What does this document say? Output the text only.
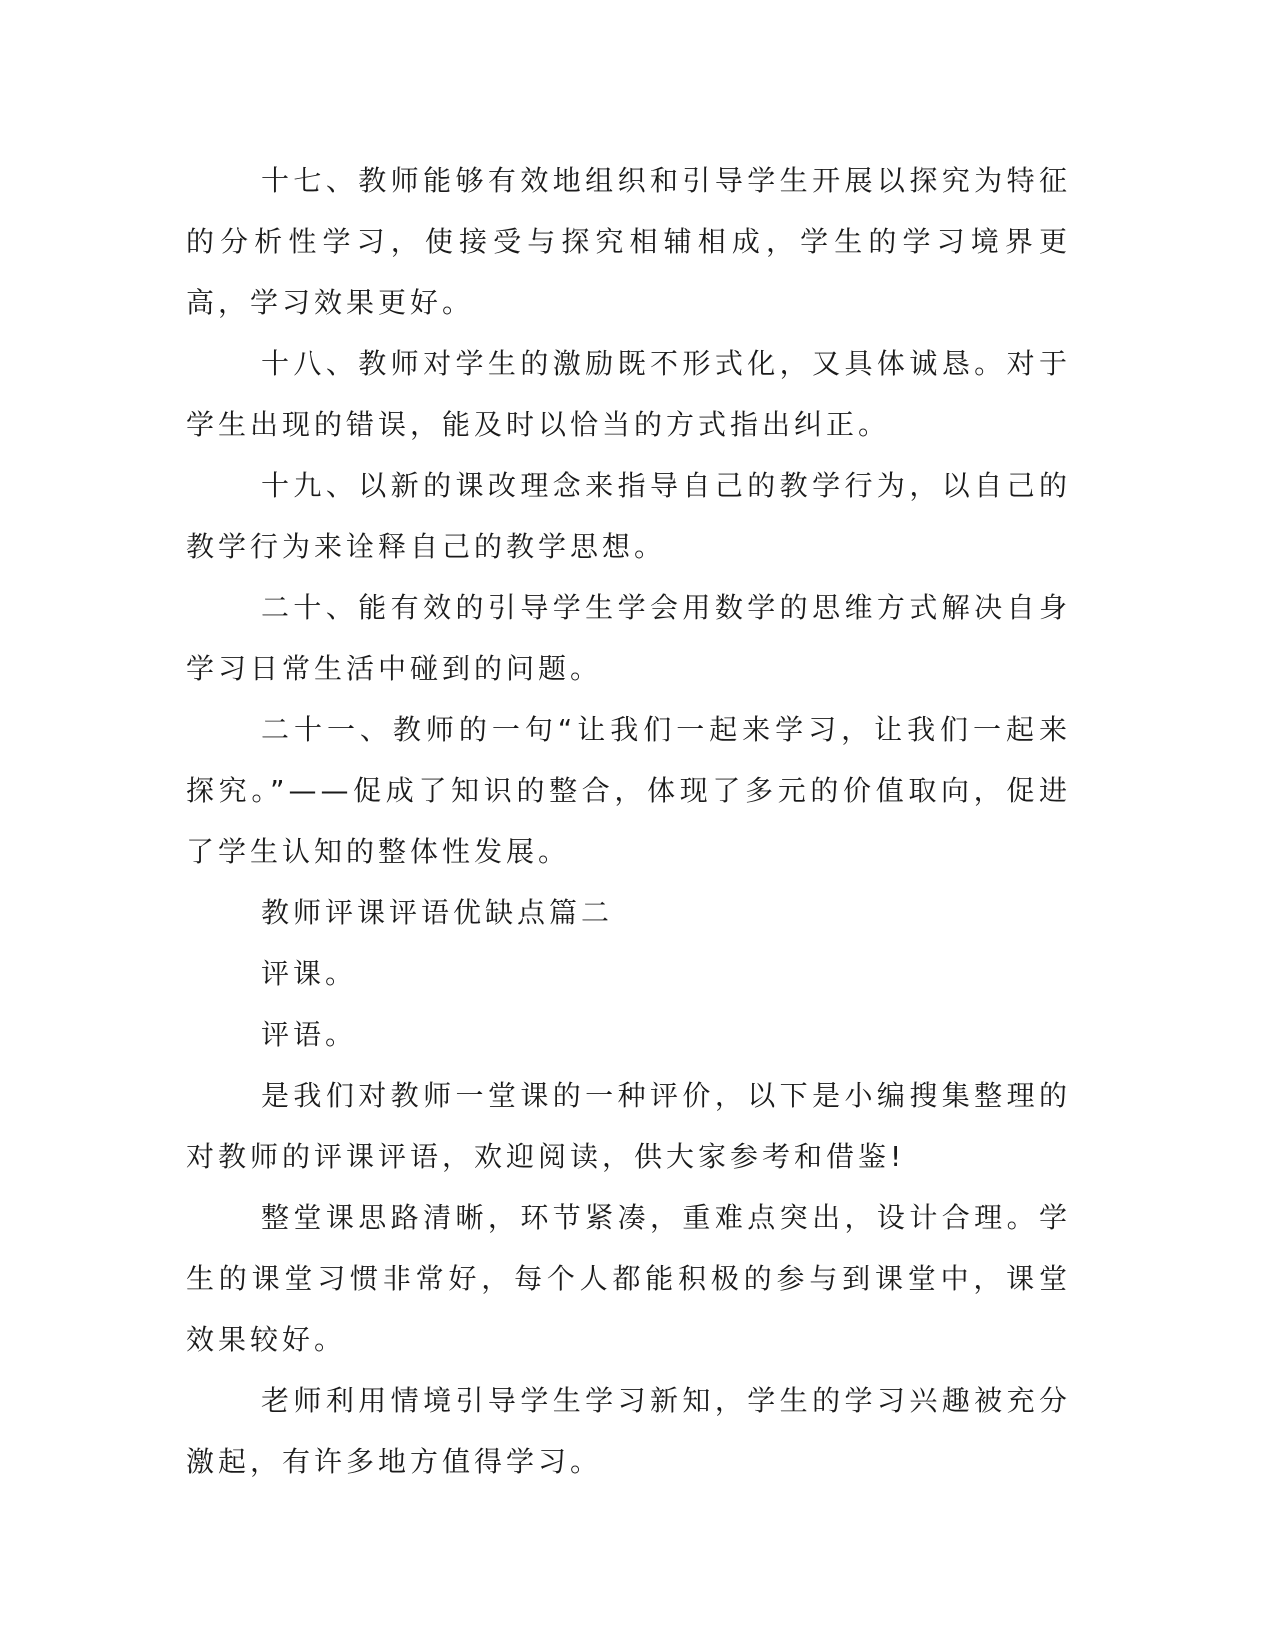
十七、教师能够有效地组织和引导学生开展以探究为特征的分析性学习，使接受与探究相辅相成，学生的学习境界更高，学习效果更好。

十八、教师对学生的激励既不形式化，又具体诚恳。对于学生出现的错误，能及时以恰当的方式指出纠正。

十九、以新的课改理念来指导自己的教学行为，以自己的教学行为来诠释自己的教学思想。

二十、能有效的引导学生学会用数学的思维方式解决自身学习日常生活中碰到的问题。

二十一、教师的一句“让我们一起来学习，让我们一起来探究。”——促成了知识的整合，体现了多元的价值取向，促进了学生认知的整体性发展。

教师评课评语优缺点篇二

评课。

评语。

是我们对教师一堂课的一种评价，以下是小编搜集整理的对教师的评课评语，欢迎阅读，供大家参考和借鉴!

整堂课思路清晰，环节紧凑，重难点突出，设计合理。学生的课堂习惯非常好，每个人都能积极的参与到课堂中，课堂效果较好。

老师利用情境引导学生学习新知，学生的学习兴趣被充分激起，有许多地方值得学习。
